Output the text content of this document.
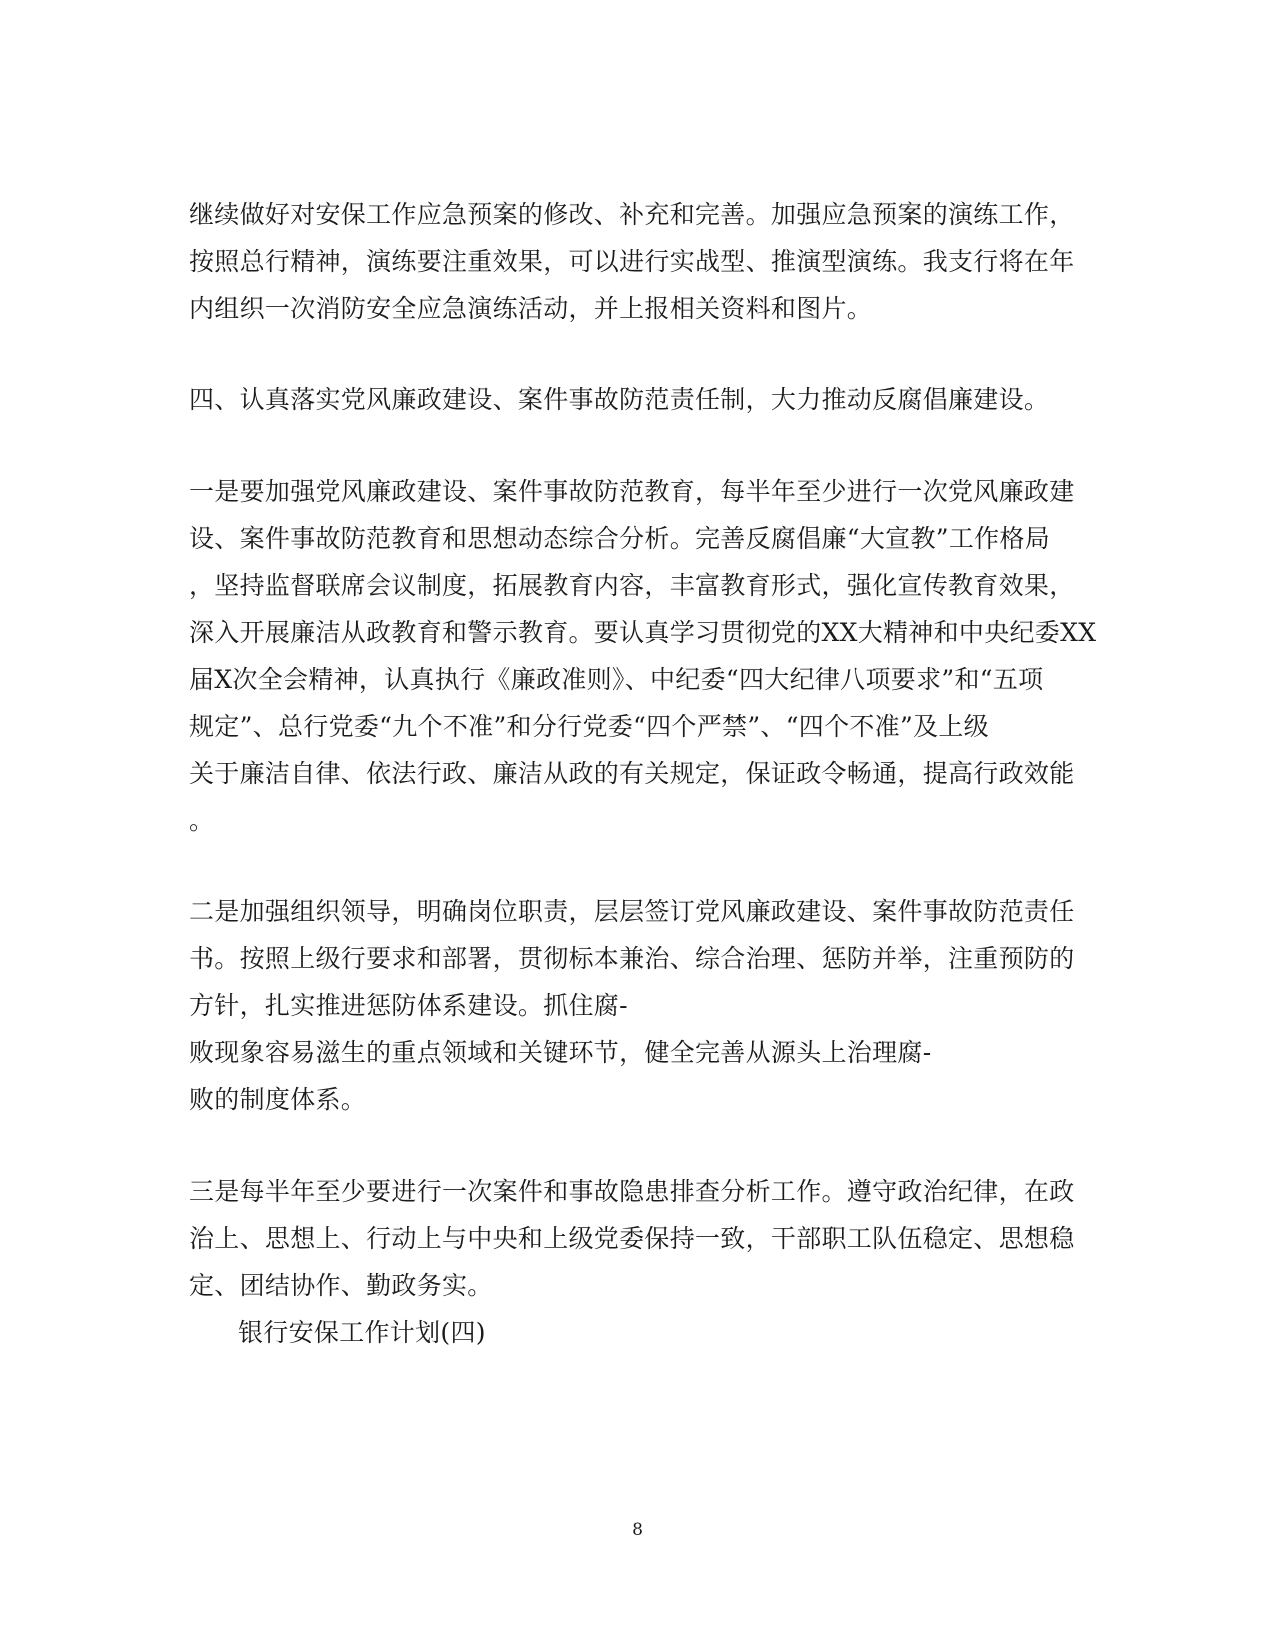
继续做好对安保工作应急预案的修改、补充和完善。加强应急预案的演练工作，
按照总行精神，演练要注重效果，可以进行实战型、推演型演练。我支行将在年
内组织一次消防安全应急演练活动，并上报相关资料和图片。
四、认真落实党风廉政建设、案件事故防范责任制，大力推动反腐倡廉建设。
一是要加强党风廉政建设、案件事故防范教育，每半年至少进行一次党风廉政建
设、案件事故防范教育和思想动态综合分析。完善反腐倡廉“大宣教”工作格局
，坚持监督联席会议制度，拓展教育内容，丰富教育形式，强化宣传教育效果，
深入开展廉洁从政教育和警示教育。要认真学习贯彻党的XX大精神和中央纪委XX
届X次全会精神，认真执行《廉政准则》、中纪委“四大纪律八项要求”和“五项
规定”、总行党委“九个不准”和分行党委“四个严禁”、“四个不准”及上级
关于廉洁自律、依法行政、廉洁从政的有关规定，保证政令畅通，提高行政效能
。
二是加强组织领导，明确岗位职责，层层签订党风廉政建设、案件事故防范责任
书。按照上级行要求和部署，贯彻标本兼治、综合治理、惩防并举，注重预防的
方针，扎实推进惩防体系建设。抓住腐-
败现象容易滋生的重点领域和关键环节，健全完善从源头上治理腐-
败的制度体系。
三是每半年至少要进行一次案件和事故隐患排查分析工作。遵守政治纪律，在政
治上、思想上、行动上与中央和上级党委保持一致，干部职工队伍稳定、思想稳
定、团结协作、勤政务实。
银行安保工作计划(四)
8
